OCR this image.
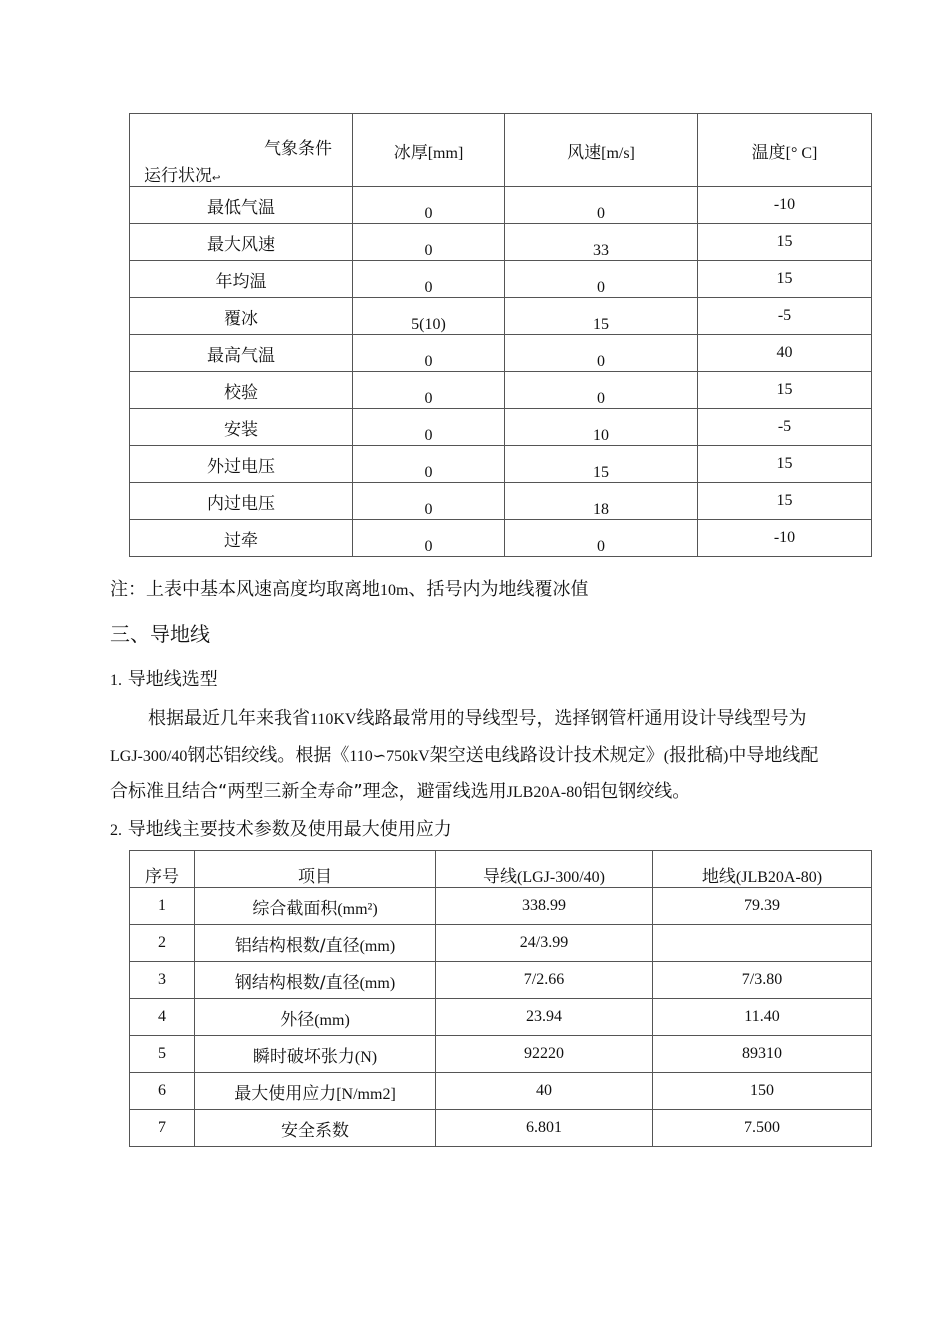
气象条件
运行状况↩	冰厚[mm]	风速[m/s]	温度[° C]
最低气温	0	0	-10
最大风速	0	33	15
年均温	0	0	15
覆冰	5(10)	15	-5
最高气温	0	0	40
校验	0	0	15
安装	0	10	-5
外过电压	0	15	15
内过电压	0	18	15
过牵	0	0	-10
注：上表中基本风速高度均取离地10m、括号内为地线覆冰值
三、导地线
1. 导地线选型
根据最近几年来我省110KV线路最常用的导线型号，选择钢管杆通用设计导线型号为
LGJ-300/40钢芯铝绞线。根据《110∽750kV架空送电线路设计技术规定》(报批稿)中导地线配
合标准且结合“两型三新全寿命”理念，避雷线选用JLB20A-80铝包钢绞线。
2. 导地线主要技术参数及使用最大使用应力
序号	项目	导线(LGJ-300/40)	地线(JLB20A-80)
1	综合截面积(mm²)	338.99	79.39
2	铝结构根数/直径(mm)	24/3.99	
3	钢结构根数/直径(mm)	7/2.66	7/3.80
4	外径(mm)	23.94	11.40
5	瞬时破坏张力(N)	92220	89310
6	最大使用应力[N/mm2]	40	150
7	安全系数	6.801	7.500
